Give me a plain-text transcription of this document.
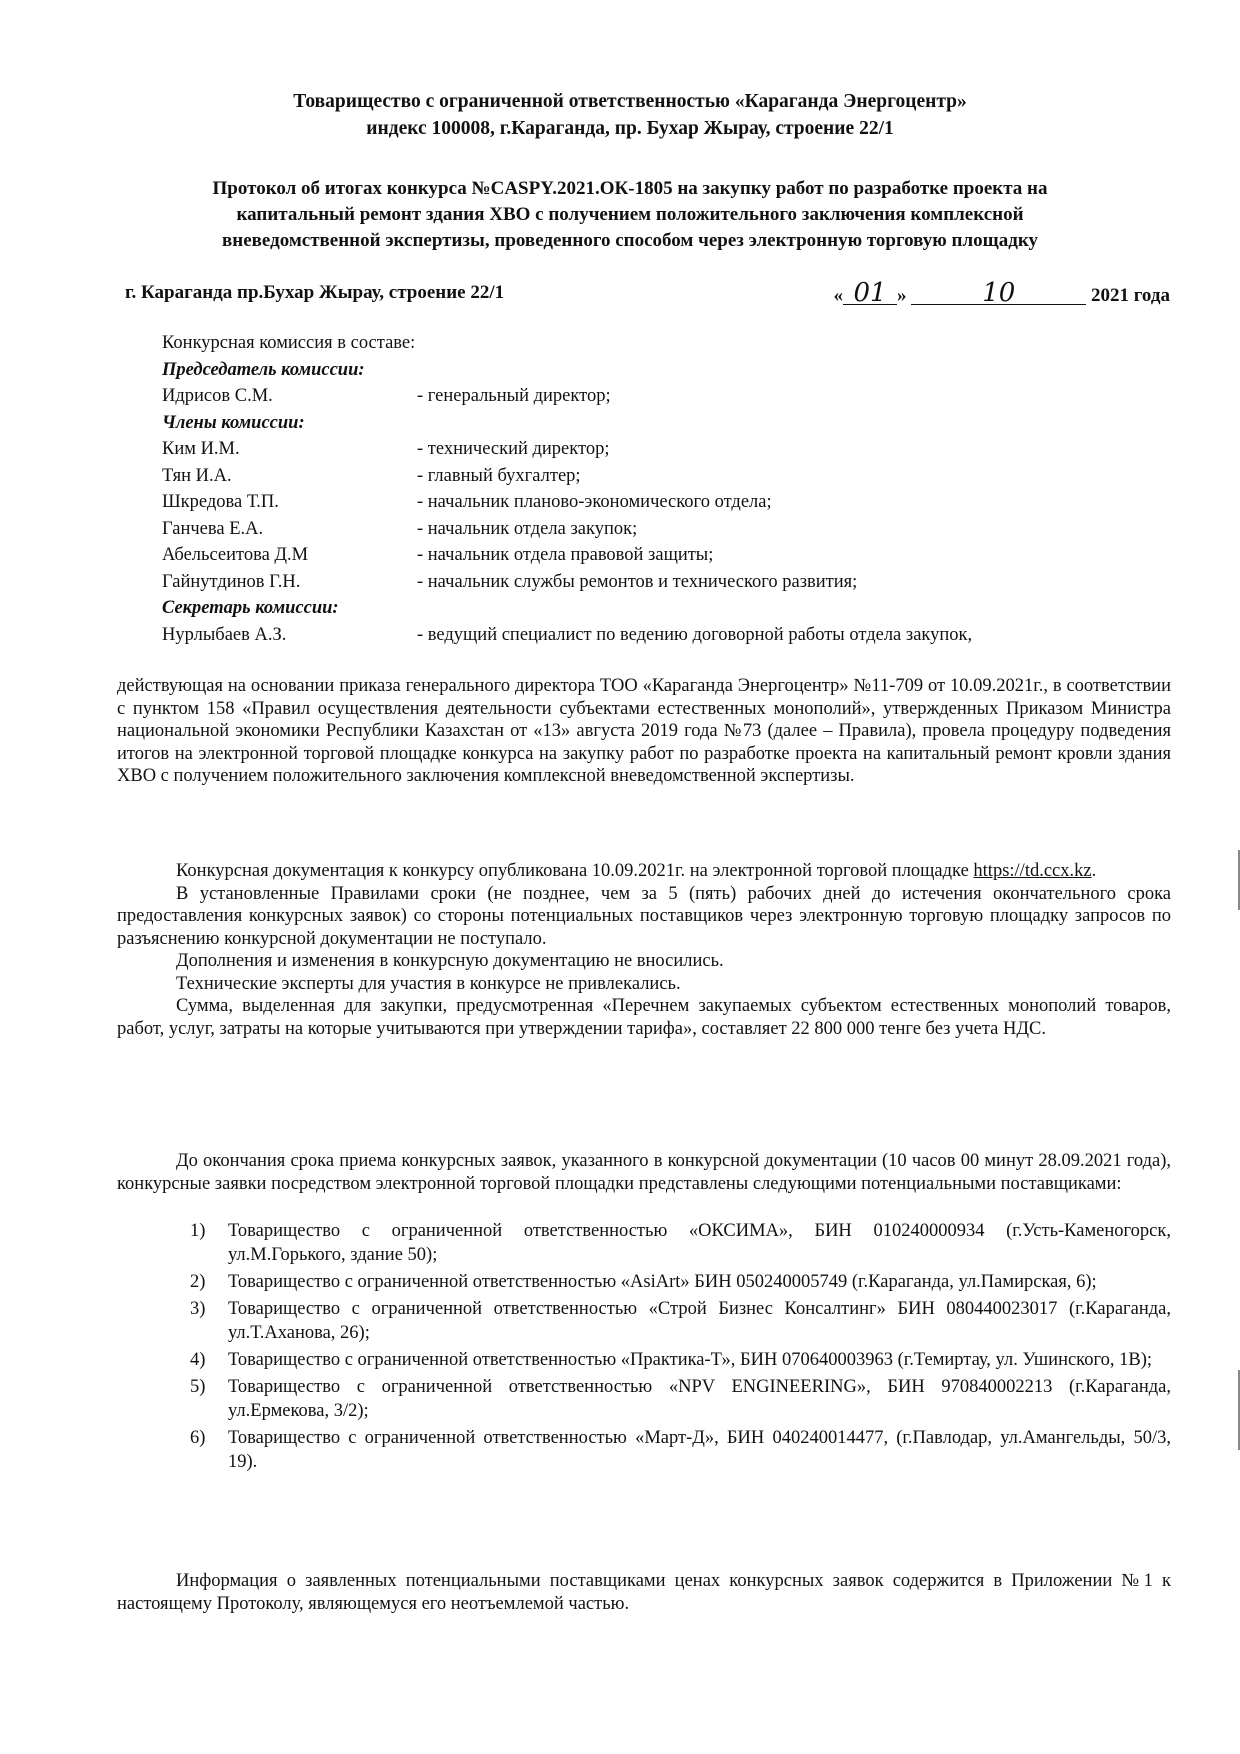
Товарищество с ограниченной ответственностью «Караганда Энергоцентр»
индекс 100008, г.Караганда, пр. Бухар Жырау, строение 22/1
Протокол об итогах конкурса №CASPY.2021.ОК-1805 на закупку работ по разработке проекта на
капитальный ремонт здания ХВО с получением положительного заключения комплексной
вневедомственной экспертизы, проведенного способом через электронную торговую площадку
г. Караганда пр.Бухар Жырау, строение 22/1	« 01 »	10	2021 года
Конкурсная комиссия в составе:
Председатель комиссии:
Идрисов С.М.	- генеральный директор;
Члены комиссии:
Ким И.М.	- технический директор;
Тян И.А.	- главный бухгалтер;
Шкредова Т.П.	- начальник планово-экономического отдела;
Ганчева Е.А.	- начальник отдела закупок;
Абельсеитова Д.М	- начальник отдела правовой защиты;
Гайнутдинов Г.Н.	- начальник службы ремонтов и технического развития;
Секретарь комиссии:
Нурлыбаев А.З.	- ведущий специалист по ведению договорной работы отдела закупок,

действующая на основании приказа генерального директора ТОО «Караганда Энергоцентр» №11-709 от 10.09.2021г., в соответствии с пунктом 158 «Правил осуществления деятельности субъектами естественных монополий», утвержденных Приказом Министра национальной экономики Республики Казахстан от «13» августа 2019 года №73 (далее – Правила), провела процедуру подведения итогов на электронной торговой площадке конкурса на закупку работ по разработке проекта на капитальный ремонт кровли здания ХВО с получением положительного заключения комплексной вневедомственной экспертизы.

Конкурсная документация к конкурсу опубликована 10.09.2021г. на электронной торговой площадке https://td.ccx.kz.

В установленные Правилами сроки (не позднее, чем за 5 (пять) рабочих дней до истечения окончательного срока предоставления конкурсных заявок) со стороны потенциальных поставщиков через электронную торговую площадку запросов по разъяснению конкурсной документации не поступало.

Дополнения и изменения в конкурсную документацию не вносились.

Технические эксперты для участия в конкурсе не привлекались.

Сумма, выделенная для закупки, предусмотренная «Перечнем закупаемых субъектом естественных монополий товаров, работ, услуг, затраты на которые учитываются при утверждении тарифа», составляет 22 800 000 тенге без учета НДС.

До окончания срока приема конкурсных заявок, указанного в конкурсной документации (10 часов 00 минут 28.09.2021 года), конкурсные заявки посредством электронной торговой площадки представлены следующими потенциальными поставщиками:

1)	Товарищество с ограниченной ответственностью «ОКСИМА», БИН 010240000934 (г.Усть-Каменогорск, ул.М.Горького, здание 50);
2)	Товарищество с ограниченной ответственностью «AsiArt» БИН 050240005749 (г.Караганда, ул.Памирская, 6);
3)	Товарищество с ограниченной ответственностью «Строй Бизнес Консалтинг» БИН 080440023017 (г.Караганда, ул.Т.Аханова, 26);
4)	Товарищество с ограниченной ответственностью «Практика-Т», БИН 070640003963 (г.Темиртау, ул. Ушинского, 1В);
5)	Товарищество с ограниченной ответственностью «NPV ENGINEERING», БИН 970840002213 (г.Караганда, ул.Ермекова, 3/2);
6)	Товарищество с ограниченной ответственностью «Март-Д», БИН 040240014477, (г.Павлодар, ул.Амангельды, 50/3, 19).

Информация о заявленных потенциальными поставщиками ценах конкурсных заявок содержится в Приложении №1 к настоящему Протоколу, являющемуся его неотъемлемой частью.
